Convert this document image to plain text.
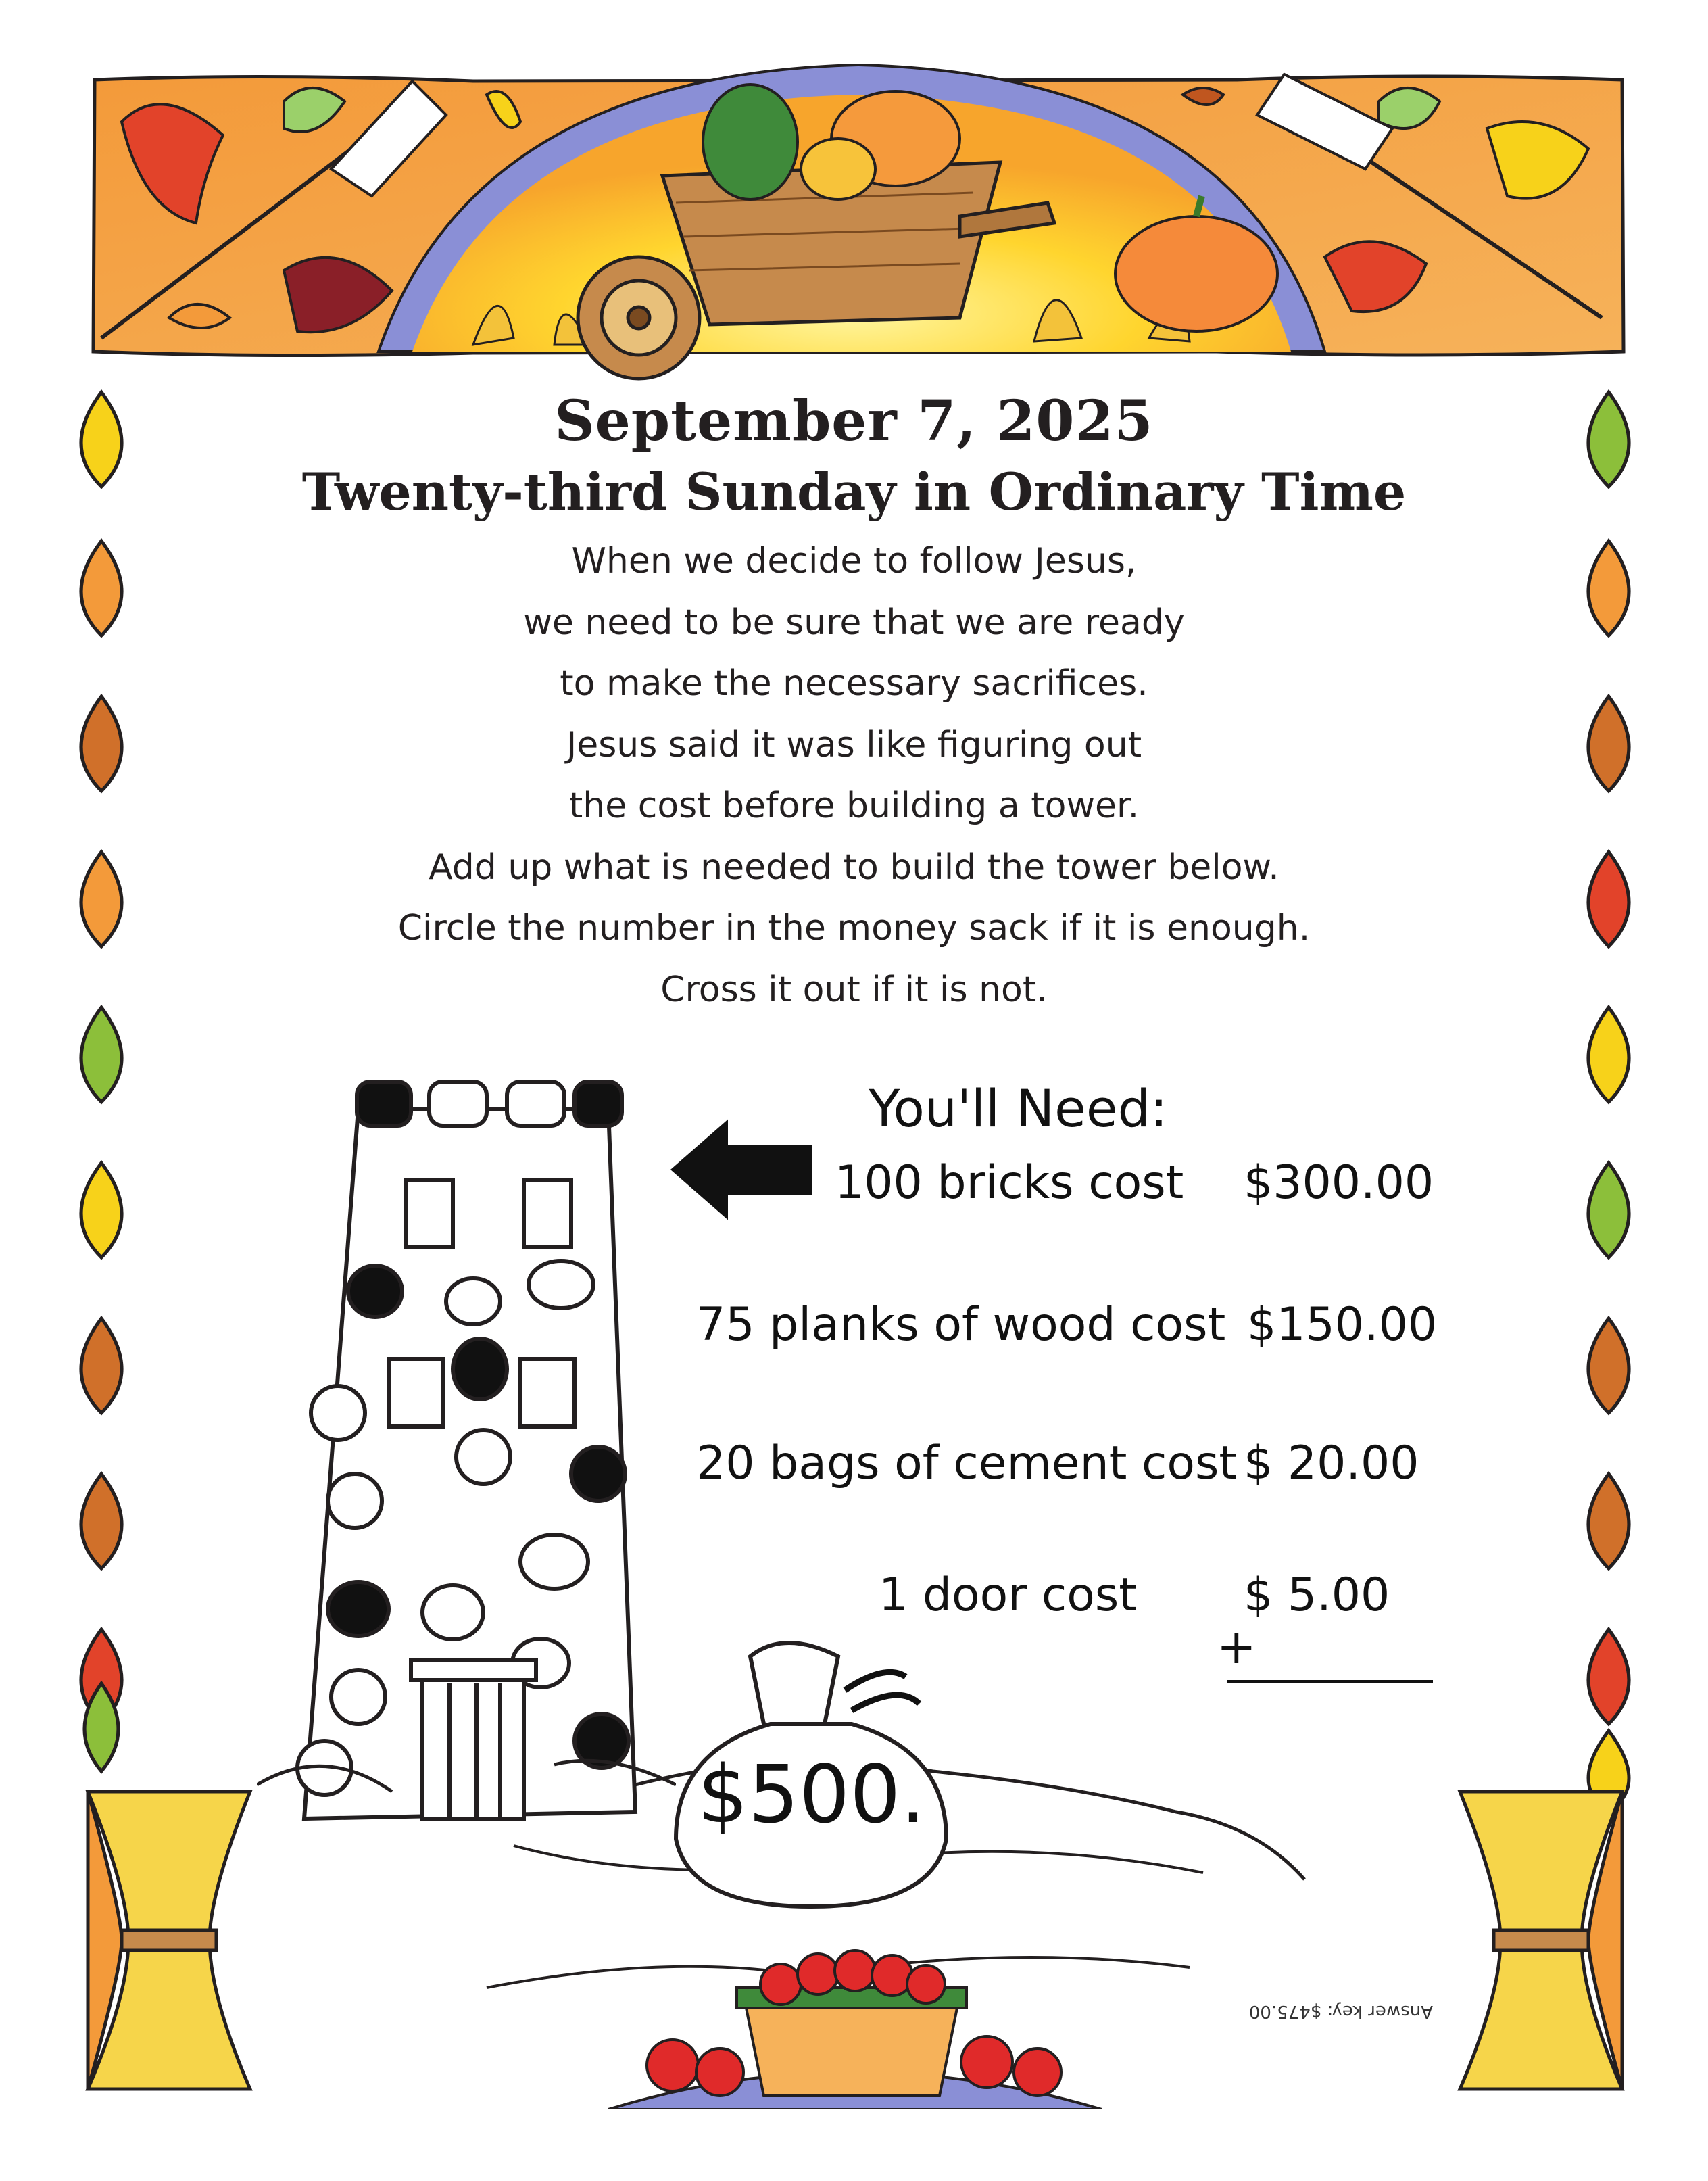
September 7, 2025
Twenty-third Sunday in Ordinary Time
When we decide to follow Jesus,
we need to be sure that we are ready
to make the necessary sacrifices.
Jesus said it was like figuring out
the cost before building a tower.
Add up what is needed to build the tower below.
Circle the number in the money sack if it is enough.
Cross it out if it is not.
You'll Need:
100 bricks cost $300.00
75 planks of wood cost $150.00
20 bags of cement cost $ 20.00
1 door cost $ 5.00
+
$500.
Answer key: $475.00
